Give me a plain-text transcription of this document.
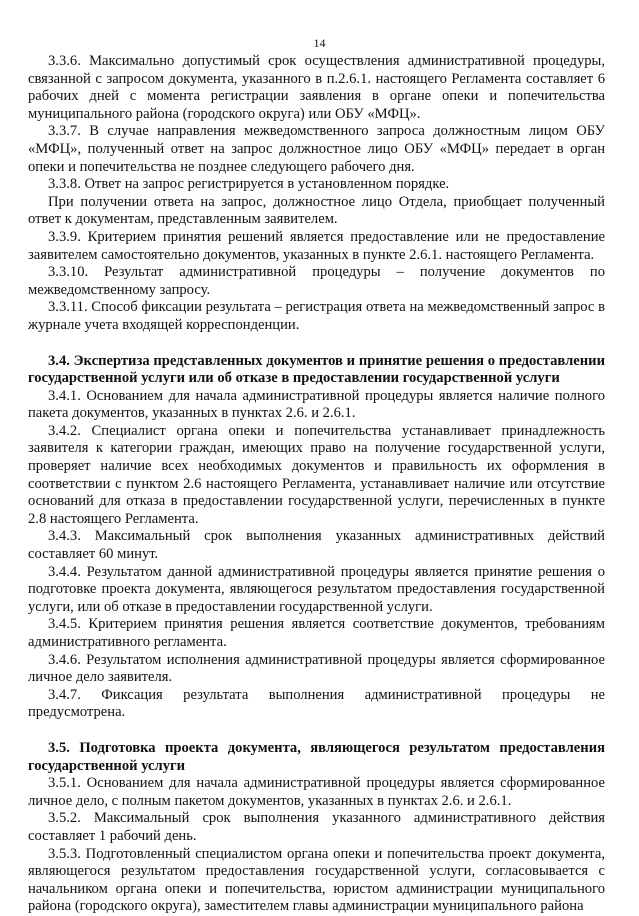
14

3.3.6. Максимально допустимый срок осуществления административной процедуры, связанной с запросом документа, указанного в п.2.6.1. настоящего Регламента составляет 6 рабочих дней с момента регистрации заявления в органе опеки и попечительства муниципального района (городского округа) или ОБУ «МФЦ».

3.3.7. В случае направления межведомственного запроса должностным лицом ОБУ «МФЦ», полученный ответ на запрос должностное лицо ОБУ «МФЦ» передает в орган опеки и попечительства не позднее следующего рабочего дня.

3.3.8. Ответ на запрос регистрируется в установленном порядке.

При получении ответа на запрос, должностное лицо Отдела, приобщает полученный ответ к документам, представленным заявителем.

3.3.9. Критерием принятия решений является предоставление или не предоставление заявителем самостоятельно документов, указанных в пункте 2.6.1. настоящего Регламента.

3.3.10. Результат административной процедуры – получение документов по межведомственному запросу.

3.3.11. Способ фиксации результата – регистрация ответа на межведомственный запрос в журнале учета входящей корреспонденции.

3.4. Экспертиза представленных документов и принятие решения о предоставлении государственной услуги или об отказе в предоставлении государственной услуги

3.4.1. Основанием для начала административной процедуры является наличие полного пакета документов, указанных в пунктах 2.6. и 2.6.1.

3.4.2. Специалист органа опеки и попечительства устанавливает принадлежность заявителя к категории граждан, имеющих право на получение государственной услуги, проверяет наличие всех необходимых документов и правильность их оформления в соответствии с пунктом 2.6 настоящего Регламента, устанавливает наличие или отсутствие оснований для отказа в предоставлении государственной услуги, перечисленных в пункте 2.8 настоящего Регламента.

3.4.3. Максимальный срок выполнения указанных административных действий составляет 60 минут.

3.4.4. Результатом данной административной процедуры является принятие решения о подготовке проекта документа, являющегося результатом предоставления государственной услуги, или об отказе в предоставлении государственной услуги.

3.4.5. Критерием принятия решения является соответствие документов, требованиям административного регламента.

3.4.6. Результатом исполнения административной процедуры является сформированное личное дело заявителя.

3.4.7. Фиксация результата выполнения административной процедуры не предусмотрена.

3.5. Подготовка проекта документа, являющегося результатом предоставления государственной услуги

3.5.1. Основанием для начала административной процедуры является сформированное личное дело, с полным пакетом документов, указанных в пунктах 2.6. и 2.6.1.

3.5.2. Максимальный срок выполнения указанного административного действия составляет 1 рабочий день.

3.5.3. Подготовленный специалистом органа опеки и попечительства проект документа, являющегося результатом предоставления государственной услуги, согласовывается с начальником органа опеки и попечительства, юристом администрации муниципального района (городского округа), заместителем главы администрации муниципального района
